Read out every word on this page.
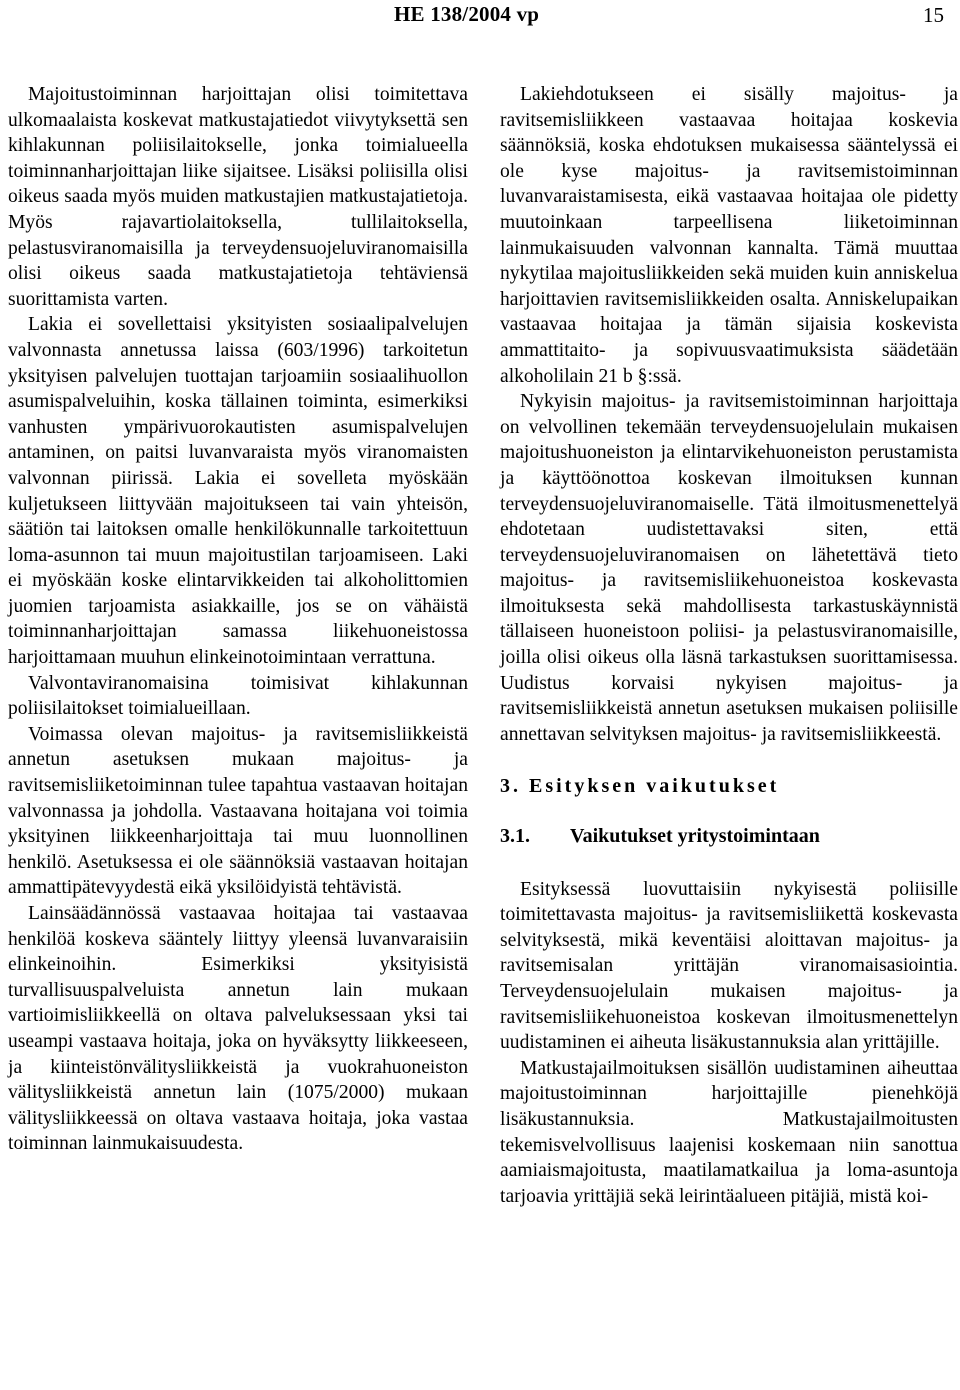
HE 138/2004 vp	15

Majoitustoiminnan harjoittajan olisi toimitettava ulkomaalaista koskevat matkustajatiedot viivytyksettä sen kihlakunnan poliisilaitokselle, jonka toimialueella toiminnanharjoittajan liike sijaitsee. Lisäksi poliisilla olisi oikeus saada myös muiden matkustajien matkustajatietoja. Myös rajavartiolaitoksella, tullilaitoksella, pelastusviranomaisilla ja terveydensuojeluviranomaisilla olisi oikeus saada matkustajatietoja tehtäviensä suorittamista varten.

Lakia ei sovellettaisi yksityisten sosiaalipalvelujen valvonnasta annetussa laissa (603/1996) tarkoitetun yksityisen palvelujen tuottajan tarjoamiin sosiaalihuollon asumispalveluihin, koska tällainen toiminta, esimerkiksi vanhusten ympärivuorokautisten asumispalvelujen antaminen, on paitsi luvanvaraista myös viranomaisten valvonnan piirissä. Lakia ei sovelleta myöskään kuljetukseen liittyvään majoitukseen tai vain yhteisön, säätiön tai laitoksen omalle henkilökunnalle tarkoitettuun loma-asunnon tai muun majoitustilan tarjoamiseen. Laki ei myöskään koske elintarvikkeiden tai alkoholittomien juomien tarjoamista asiakkaille, jos se on vähäistä toiminnanharjoittajan samassa liikehuoneistossa harjoittamaan muuhun elinkeinotoimintaan verrattuna.

Valvontaviranomaisina toimisivat kihlakunnan poliisilaitokset toimialueillaan.

Voimassa olevan majoitus- ja ravitsemisliikkeistä annetun asetuksen mukaan majoitus- ja ravitsemisliiketoiminnan tulee tapahtua vastaavan hoitajan valvonnassa ja johdolla. Vastaavana hoitajana voi toimia yksityinen liikkeenharjoittaja tai muu luonnollinen henkilö. Asetuksessa ei ole säännöksiä vastaavan hoitajan ammattipätevyydestä eikä yksilöidyistä tehtävistä.

Lainsäädännössä vastaavaa hoitajaa tai vastaavaa henkilöä koskeva sääntely liittyy yleensä luvanvaraisiin elinkeinoihin. Esimerkiksi yksityisistä turvallisuuspalveluista annetun lain mukaan vartioimisliikkeellä on oltava palveluksessaan yksi tai useampi vastaava hoitaja, joka on hyväksytty liikkeeseen, ja kiinteistönvälitysliikkeistä ja vuokrahuoneiston välitysliikkeistä annetun lain (1075/2000) mukaan välitysliikkeessä on oltava vastaava hoitaja, joka vastaa toiminnan lainmukaisuudesta.

Lakiehdotukseen ei sisälly majoitus- ja ravitsemisliikkeen vastaavaa hoitajaa koskevia säännöksiä, koska ehdotuksen mukaisessa sääntelyssä ei ole kyse majoitus- ja ravitsemistoiminnan luvanvaraistamisesta, eikä vastaavaa hoitajaa ole pidetty muutoinkaan tarpeellisena liiketoiminnan lainmukaisuuden valvonnan kannalta. Tämä muuttaa nykytilaa majoitusliikkeiden sekä muiden kuin anniskelua harjoittavien ravitsemisliikkeiden osalta. Anniskelupaikan vastaavaa hoitajaa ja tämän sijaisia koskevista ammattitaito- ja sopivuusvaatimuksista säädetään alkoholilain 21 b §:ssä.

Nykyisin majoitus- ja ravitsemistoiminnan harjoittaja on velvollinen tekemään terveydensuojelulain mukaisen majoitushuoneiston ja elintarvikehuoneiston perustamista ja käyttöönottoa koskevan ilmoituksen kunnan terveydensuojeluviranomaiselle. Tätä ilmoitusmenettelyä ehdotetaan uudistettavaksi siten, että terveydensuojeluviranomaisen on lähetettävä tieto majoitus- ja ravitsemisliikehuoneistoa koskevasta ilmoituksesta sekä mahdollisesta tarkastuskäynnistä tällaiseen huoneistoon poliisi- ja pelastusviranomaisille, joilla olisi oikeus olla läsnä tarkastuksen suorittamisessa. Uudistus korvaisi nykyisen majoitus- ja ravitsemisliikkeistä annetun asetuksen mukaisen poliisille annettavan selvityksen majoitus- ja ravitsemisliikkeestä.

3. Esityksen vaikutukset
3.1.	Vaikutukset yritystoimintaan

Esityksessä luovuttaisiin nykyisestä poliisille toimitettavasta majoitus- ja ravitsemisliikettä koskevasta selvityksestä, mikä keventäisi aloittavan majoitus- ja ravitsemisalan yrittäjän viranomaisasiointia. Terveydensuojelulain mukaisen majoitus- ja ravitsemisliikehuoneistoa koskevan ilmoitusmenettelyn uudistaminen ei aiheuta lisäkustannuksia alan yrittäjille.

Matkustajailmoituksen sisällön uudistaminen aiheuttaa majoitustoiminnan harjoittajille pienehköjä lisäkustannuksia. Matkustajailmoitusten tekemisvelvollisuus laajenisi koskemaan niin sanottua aamiaismajoitusta, maatilamatkailua ja loma-asuntoja tarjoavia yrittäjiä sekä leirintäalueen pitäjiä, mistä koi-
